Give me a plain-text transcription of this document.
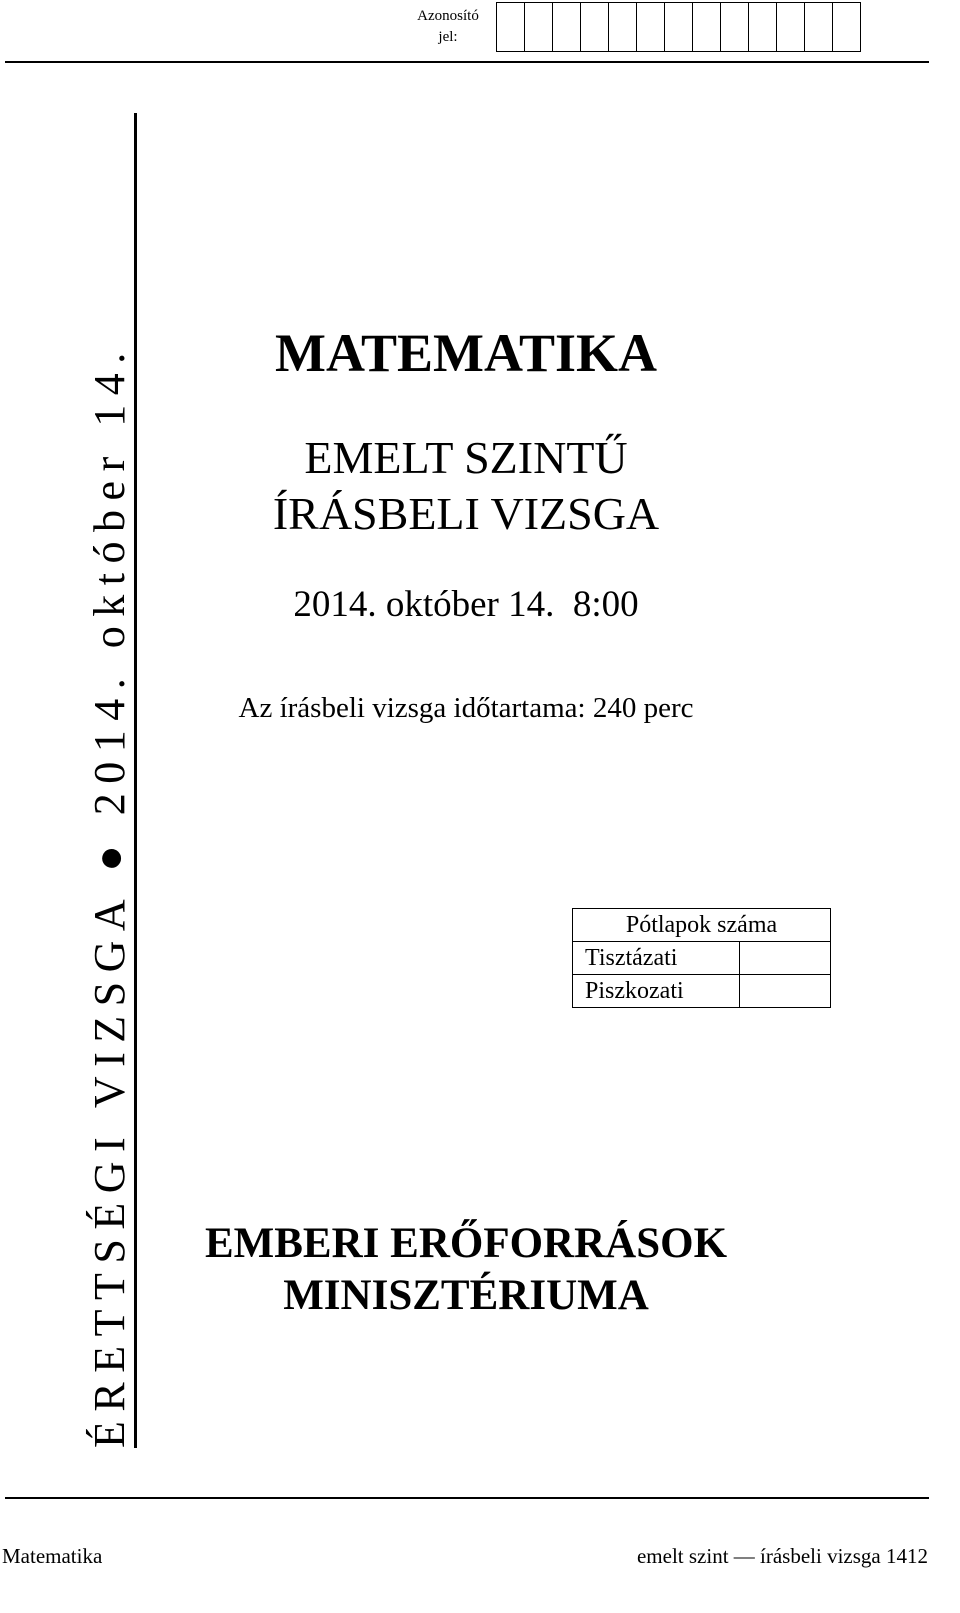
Azonosító
jel:
ÉRETTSÉGI VIZSGA ● 2014. október 14.	MATEMATIKA
EMELT SZINTŰ
ÍRÁSBELI VIZSGA
2014. október 14.  8:00
Az írásbeli vizsga időtartama: 240 perc
Pótlapok száma	
Tisztázati	
Piszkozati	
EMBERI ERŐFORRÁSOK
MINISZTÉRIUMA
Matematika	emelt szint — írásbeli vizsga 1412
